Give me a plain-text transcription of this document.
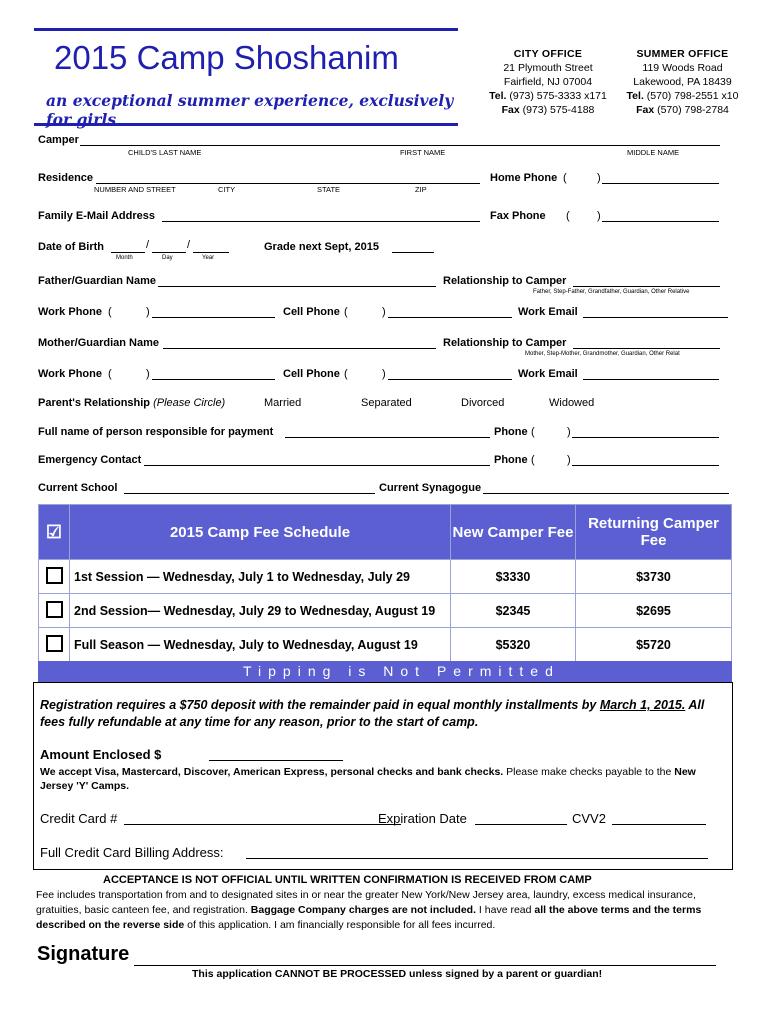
2015 Camp Shoshanim
an exceptional summer experience, exclusively for girls
CITY OFFICE
21 Plymouth Street
Fairfield, NJ 07004
Tel. (973) 575-3333 x171
Fax (973) 575-4188
SUMMER OFFICE
119 Woods Road
Lakewood, PA 18439
Tel. (570) 798-2551 x10
Fax (570) 798-2784
Camper
CHILD'S LAST NAME	FIRST NAME	MIDDLE NAME
Residence
NUMBER AND STREET	CITY	STATE	ZIP
Home Phone (	)
Family E-Mail Address	Fax Phone ( )
Date of Birth	/	/
Month	Day	Year
Grade next Sept, 2015
Father/Guardian Name	Relationship to Camper
Father, Step-Father, Grandfather, Guardian, Other Relative
Work Phone (	)	Cell Phone (	)	Work Email
Mother/Guardian Name	Relationship to Camper
Mother, Step-Mother, Grandmother, Guardian, Other Relat
Work Phone (	)	Cell Phone (	)	Work Email
Parent's Relationship (Please Circle)	Married	Separated	Divorced	Widowed
Full name of person responsible for payment	Phone (	)
Emergency Contact	Phone (	)
Current School	Current Synagogue
☑	2015 Camp Fee Schedule	New Camper Fee	Returning Camper Fee
	1st Session — Wednesday, July 1 to Wednesday, July 29	$3330	$3730
	2nd Session— Wednesday, July 29 to Wednesday, August 19	$2345	$2695
	Full Season — Wednesday, July to Wednesday, August 19	$5320	$5720
Tipping is Not Permitted
Registration requires a $750 deposit with the remainder paid in equal monthly installments by March 1, 2015. All fees fully refundable at any time for any reason, prior to the start of camp.
Amount Enclosed $
We accept Visa, Mastercard, Discover, American Express, personal checks and bank checks. Please make checks payable to the New Jersey 'Y' Camps.
Credit Card #	Expiration Date	CVV2
Full Credit Card Billing Address:
ACCEPTANCE IS NOT OFFICIAL UNTIL WRITTEN CONFIRMATION IS RECEIVED FROM CAMP
Fee includes transportation from and to designated sites in or near the greater New York/New Jersey area, laundry, excess medical insurance, gratuities, basic canteen fee, and registration. Baggage Company charges are not included. I have read all the above terms and the terms described on the reverse side of this application. I am financially responsible for all fees incurred.
Signature
This application CANNOT BE PROCESSED unless signed by a parent or guardian!
